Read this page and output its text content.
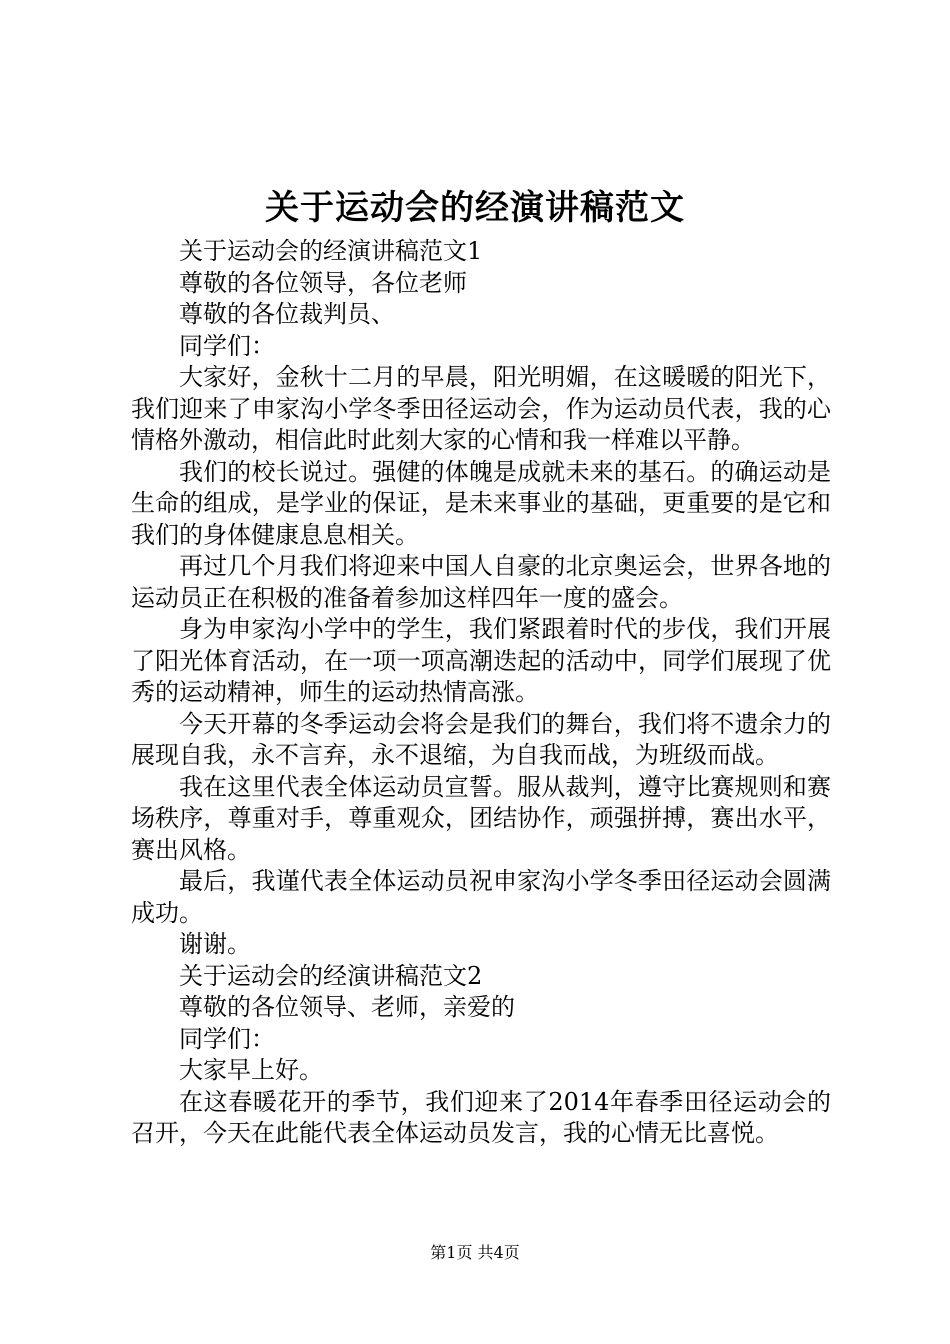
关于运动会的经演讲稿范文

关于运动会的经演讲稿范文1

尊敬的各位领导，各位老师

尊敬的各位裁判员、

同学们：

大家好，金秋十二月的早晨，阳光明媚，在这暖暖的阳光下，我们迎来了申家沟小学冬季田径运动会，作为运动员代表，我的心情格外激动，相信此时此刻大家的心情和我一样难以平静。

我们的校长说过。强健的体魄是成就未来的基石。的确运动是生命的组成，是学业的保证，是未来事业的基础，更重要的是它和我们的身体健康息息相关。

再过几个月我们将迎来中国人自豪的北京奥运会，世界各地的运动员正在积极的准备着参加这样四年一度的盛会。

身为申家沟小学中的学生，我们紧跟着时代的步伐，我们开展了阳光体育活动，在一项一项高潮迭起的活动中，同学们展现了优秀的运动精神，师生的运动热情高涨。

今天开幕的冬季运动会将会是我们的舞台，我们将不遗余力的展现自我，永不言弃，永不退缩，为自我而战，为班级而战。

我在这里代表全体运动员宣誓。服从裁判，遵守比赛规则和赛场秩序，尊重对手，尊重观众，团结协作，顽强拼搏，赛出水平，赛出风格。

最后，我谨代表全体运动员祝申家沟小学冬季田径运动会圆满成功。

谢谢。

关于运动会的经演讲稿范文2

尊敬的各位领导、老师，亲爱的

同学们：

大家早上好。

在这春暖花开的季节，我们迎来了2014年春季田径运动会的召开，今天在此能代表全体运动员发言，我的心情无比喜悦。

第1页 共4页
